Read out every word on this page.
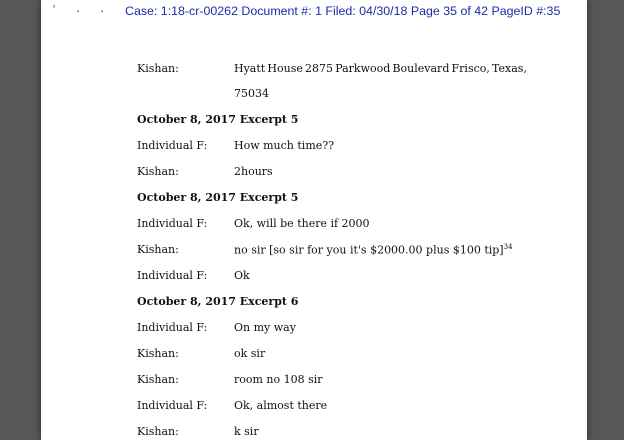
' . . Case: 1:18-cr-00262 Document #: 1 Filed: 04/30/18 Page 35 of 42 PageID #:35
Kishan:	Hyatt House 2875 Parkwood Boulevard Frisco, Texas,
75034
October 8, 2017 Excerpt 5
Individual F: How much time??
Kishan:	2hours
October 8, 2017 Excerpt 5
Individual F: Ok, will be there if 2000
Kishan:	no sir [so sir for you it's $2000.00 plus $100 tip]$^{34}$
Individual F: Ok
October 8, 2017 Excerpt 6
Individual F: On my way
Kishan:	ok sir
Kishan:	room no 108 sir
Individual F: Ok, almost there
Kishan:	k sir
